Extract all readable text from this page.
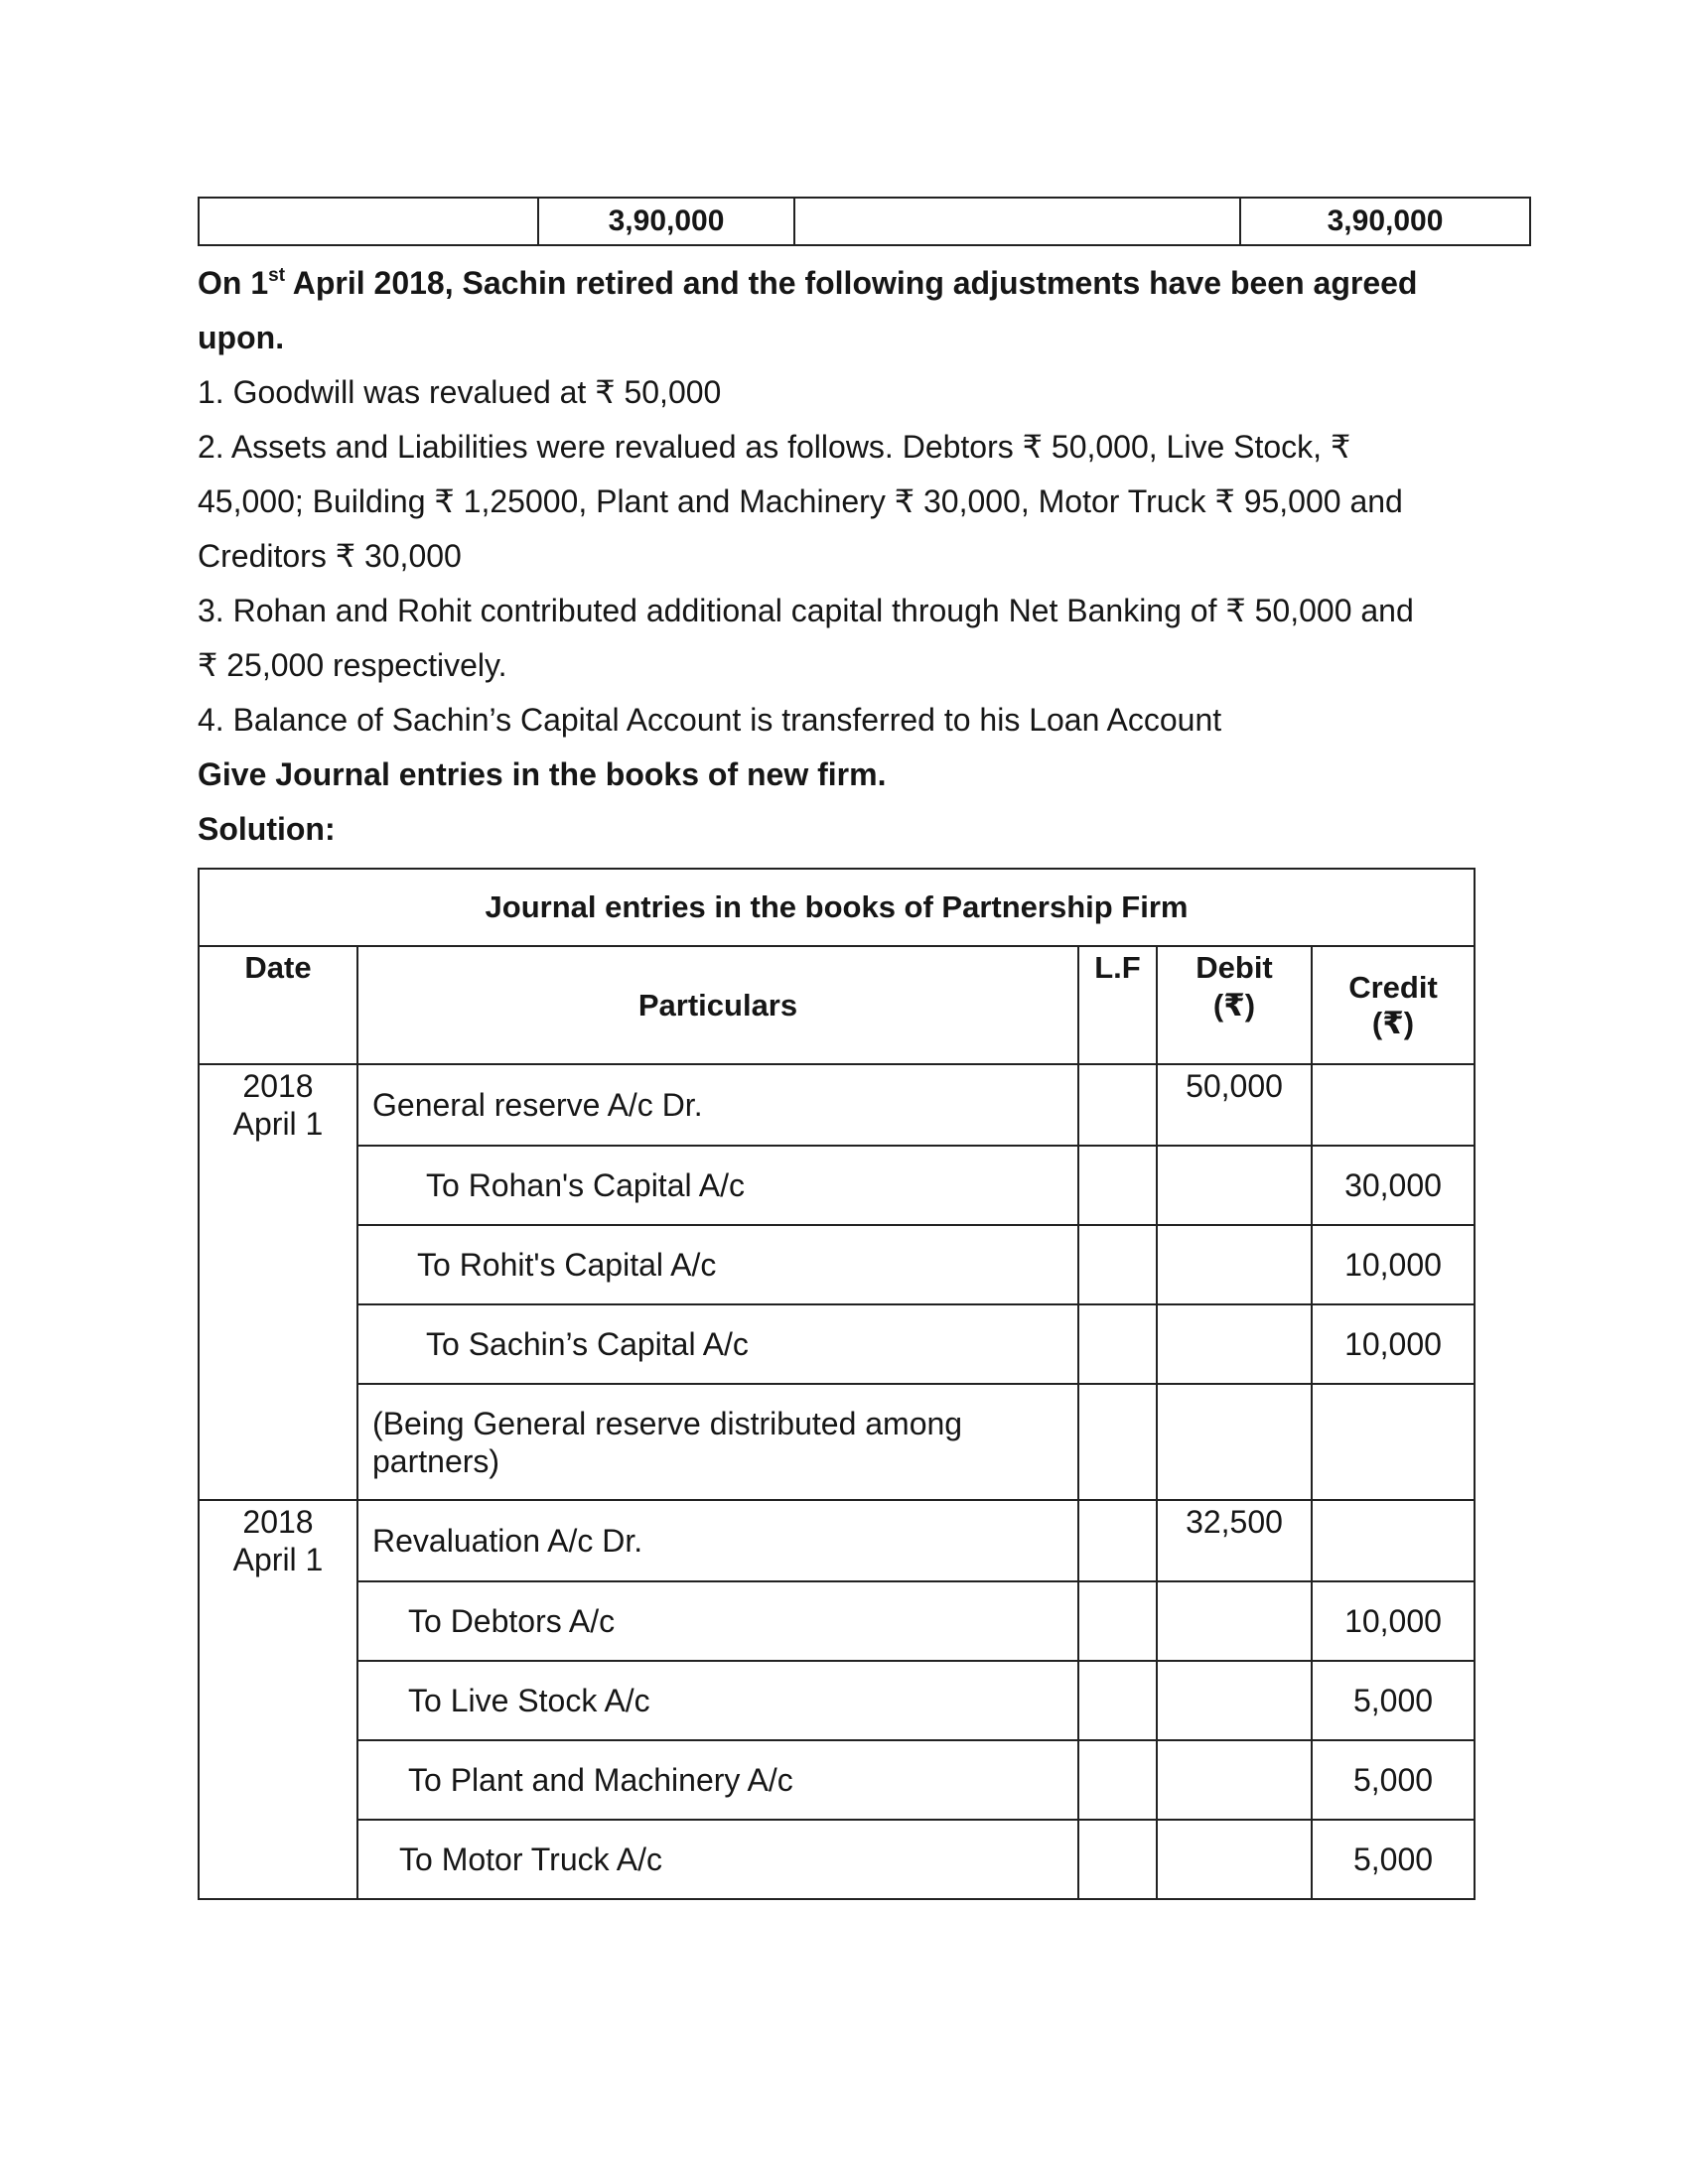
	3,90,000		3,90,000

On 1st April 2018, Sachin retired and the following adjustments have been agreed

upon.

1. Goodwill was revalued at ₹ 50,000

2. Assets and Liabilities were revalued as follows. Debtors ₹ 50,000, Live Stock, ₹

45,000; Building ₹ 1,25000, Plant and Machinery ₹ 30,000, Motor Truck ₹ 95,000 and

Creditors ₹ 30,000

3. Rohan and Rohit contributed additional capital through Net Banking of ₹ 50,000 and

₹ 25,000 respectively.

4. Balance of Sachin’s Capital Account is transferred to his Loan Account

Give Journal entries in the books of new firm.

Solution:

Journal entries in the books of Partnership Firm				
Date	Particulars	L.F	Debit
(₹)	Credit
(₹)
2018
April 1	General reserve A/c Dr.		50,000	
	To Rohan's Capital A/c			30,000
	To Rohit's Capital A/c			10,000
	To Sachin’s Capital A/c			10,000
	(Being General reserve distributed among
partners)			
2018
April 1	Revaluation A/c Dr.		32,500	
	To Debtors A/c			10,000
	To Live Stock A/c			5,000
	To Plant and Machinery A/c			5,000
	To Motor Truck A/c			5,000
